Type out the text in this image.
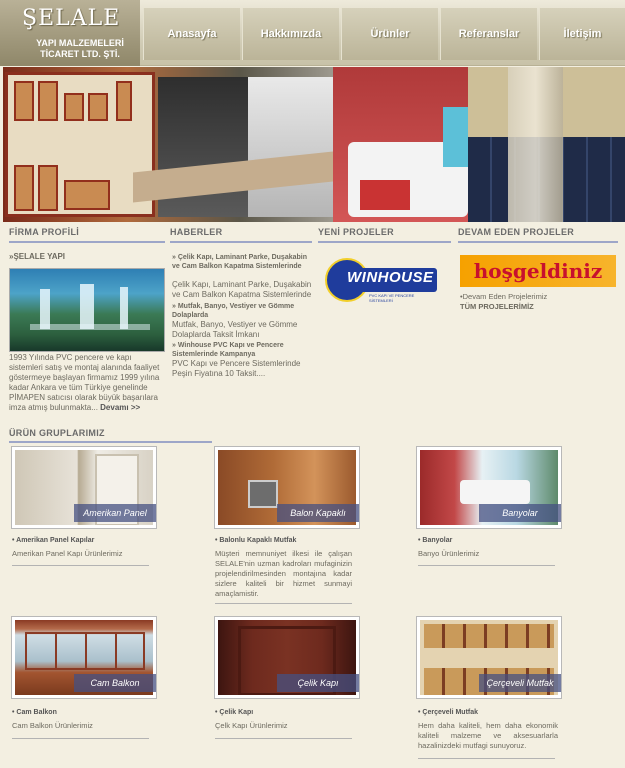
ŞELALE
YAPI MALZEMELERİ TİCARET LTD. ŞTİ.
Anasayfa	Hakkımızda	Ürünler	Referanslar	İletişim
FİRMA PROFİLİ
»ŞELALE YAPI
1993 Yılında PVC pencere ve kapı sistemleri satış ve montaj alanında faaliyet göstermeye başlayan firmamız 1999 yılına kadar Ankara ve tüm Türkiye genelinde PİMAPEN satıcısı olarak büyük başarılara imza atmış bulunmakta... Devamı >>
HABERLER
» Çelik Kapı, Laminant Parke, Duşakabin ve Cam Balkon Kapatma Sistemlerinde
Çelik Kapı, Laminant Parke, Duşakabin ve Cam Balkon Kapatma Sistemlerinde
» Mutfak, Banyo, Vestiyer ve Gömme Dolaplarda
Mutfak, Banyo, Vestiyer ve Gömme Dolaplarda Taksit İmkanı
» Winhouse PVC Kapı ve Pencere Sistemlerinde Kampanya
PVC Kapı ve Pencere Sistemlerinde Peşin Fiyatına 10 Taksit....
YENİ PROJELER
WINHOUSE
PVC KAPI VE PENCERE SİSTEMLERİ
DEVAM EDEN PROJELER
hoşgeldiniz
•Devam Eden Projelerimiz
TÜM PROJELERİMİZ
ÜRÜN GRUPLARIMIZ
Amerikan Panel
• Amerikan Panel Kapılar
Amerikan Panel Kapı Ürünlerimiz
Balon Kapaklı
• Balonlu Kapaklı Mutfak
Müşteri memnuniyet ilkesi ile çalışan SELALE'nin uzman kadroları mufaginizin projelendirilmesinden montajına kadar sizlere kaliteli bir hizmet sunmayi amaçlamistir.
Banyolar
• Banyolar
Banyo Ürünlerimiz
Cam Balkon
• Cam Balkon
Cam Balkon Ürünlerimiz
Çelik Kapı
• Çelik Kapı
Çelk Kapı Ürünlerimiz
Çerçeveli Mutfak
• Çerçeveli Mutfak
Hem daha kaliteli, hem daha ekonomik kaliteli malzeme ve aksesuarlarla hazalinizdeki mutfagi sunuyoruz.
